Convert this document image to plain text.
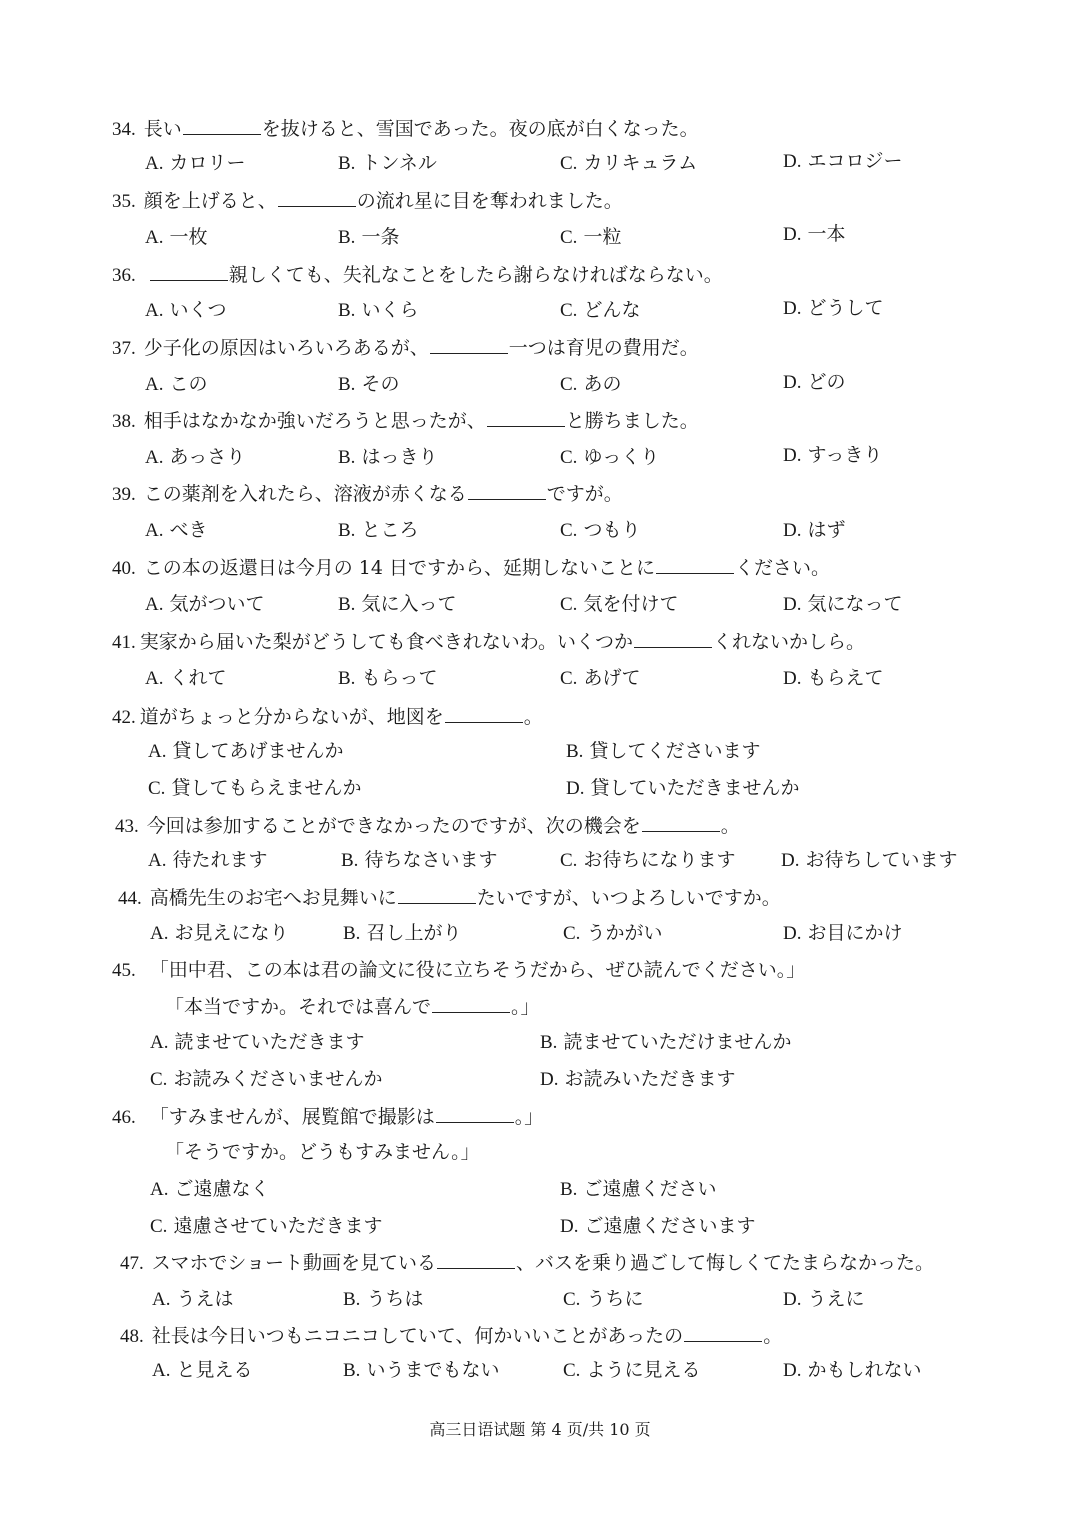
34. 長い	を抜けると、雪国であった。夜の底が白くなった。
A. カロリー	B. トンネル	C. カリキュラム	D. エコロジー
35. 顔を上げると、	の流れ星に目を奪われました。
A. 一枚	B. 一条	C. 一粒	D. 一本
36.	親しくても、失礼なことをしたら謝らなければならない。
A. いくつ	B. いくら	C. どんな	D. どうして
37. 少子化の原因はいろいろあるが、	一つは育児の費用だ。
A. この	B. その	C. あの	D. どの
38. 相手はなかなか強いだろうと思ったが、	と勝ちました。
A. あっさり	B. はっきり	C. ゆっくり	D. すっきり
39. この薬剤を入れたら、溶液が赤くなる	ですが。
A. べき	B. ところ	C. つもり	D. はず
40. この本の返還日は今月の 14 日ですから、延期しないことに	ください。
A. 気がついて	B. 気に入って	C. 気を付けて	D. 気になって
41. 実家から届いた梨がどうしても食べきれないわ。いくつか	くれないかしら。
A. くれて	B. もらって	C. あげて	D. もらえて
42. 道がちょっと分からないが、地図を	。
A. 貸してあげませんか	B. 貸してくださいます
C. 貸してもらえませんか	D. 貸していただきませんか
43. 今回は参加することができなかったのですが、次の機会を	。
A. 待たれます	B. 待ちなさいます	C. お待ちになります D. お待ちしています
44. 高橋先生のお宅へお見舞いに	たいですが、いつよろしいですか。
A. お見えになり	B. 召し上がり	C. うかがい	D. お目にかけ
45. 「田中君、この本は君の論文に役に立ちそうだから、ぜひ読んでください。」
「本当ですか。それでは喜んで	。」
A. 読ませていただきます	B. 読ませていただけませんか
C. お読みくださいませんか	D. お読みいただきます
46. 「すみませんが、展覧館で撮影は	。」
「そうですか。どうもすみません。」
A. ご遠慮なく	B. ご遠慮ください
C. 遠慮させていただきます	D. ご遠慮くださいます
47. スマホでショート動画を見ている	、バスを乗り過ごして悔しくてたまらなかった。
A. うえは	B. うちは	C. うちに	D. うえに
48. 社長は今日いつもニコニコしていて、何かいいことがあったの	。
A. と見える	B. いうまでもない	C. ように見える	D. かもしれない
高三日语试题 第 4 页/共 10 页
